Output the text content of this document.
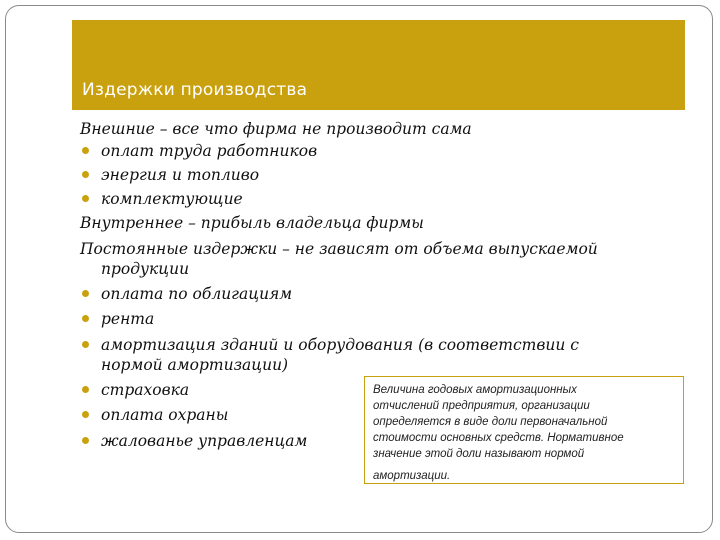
Издержки производства
Внешние – все что фирма не производит сама
оплат труда работников
энергия и топливо
комплектующие
Внутреннее – прибыль владельца фирмы
Постоянные издержки – не зависят от объема выпускаемой
продукции
оплата по облигациям
рента
амортизация зданий и оборудования (в соответствии с
нормой амортизации)
страховка
оплата охраны
жалованье управленцам
Величина годовых амортизационных
отчислений предприятия, организации
определяется в виде доли первоначальной
стоимости основных средств. Нормативное
значение этой доли называют нормой
амортизации.
